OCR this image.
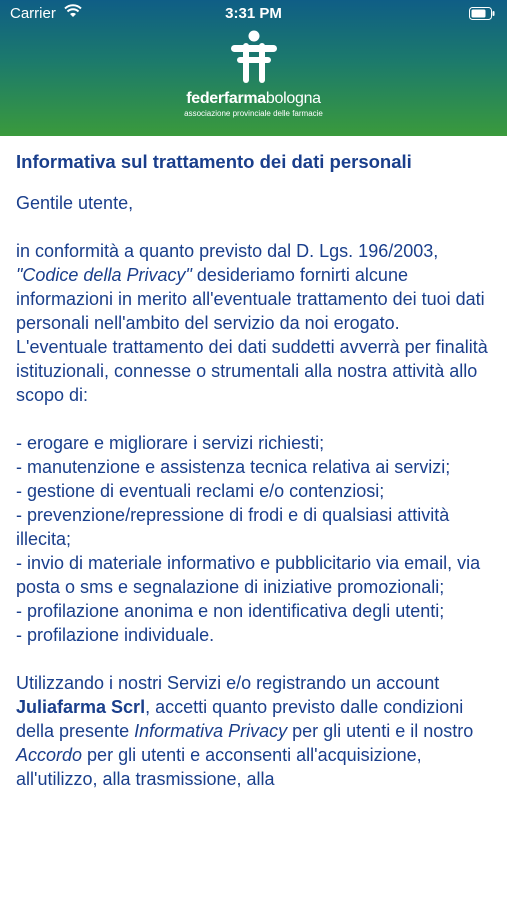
Carrier	3:31 PM
federfarmabologna
associazione provinciale delle farmacie
Informativa sul trattamento dei dati personali

Gentile utente,

in conformità a quanto previsto dal D. Lgs. 196/2003, "Codice della Privacy" desideriamo fornirti alcune informazioni in merito all'eventuale trattamento dei tuoi dati personali nell'ambito del servizio da noi erogato.

L'eventuale trattamento dei dati suddetti avverrà per finalità istituzionali, connesse o strumentali alla nostra attività allo scopo di:

- erogare e migliorare i servizi richiesti;
- manutenzione e assistenza tecnica relativa ai servizi;
- gestione di eventuali reclami e/o contenziosi;
- prevenzione/repressione di frodi e di qualsiasi attività illecita;
- invio di materiale informativo e pubblicitario via email, via posta o sms e segnalazione di iniziative promozionali;
- profilazione anonima e non identificativa degli utenti;
- profilazione individuale.

Utilizzando i nostri Servizi e/o registrando un account Juliafarma Scrl, accetti quanto previsto dalle condizioni della presente Informativa Privacy per gli utenti e il nostro Accordo per gli utenti e acconsenti all'acquisizione, all'utilizzo, alla trasmissione, alla
